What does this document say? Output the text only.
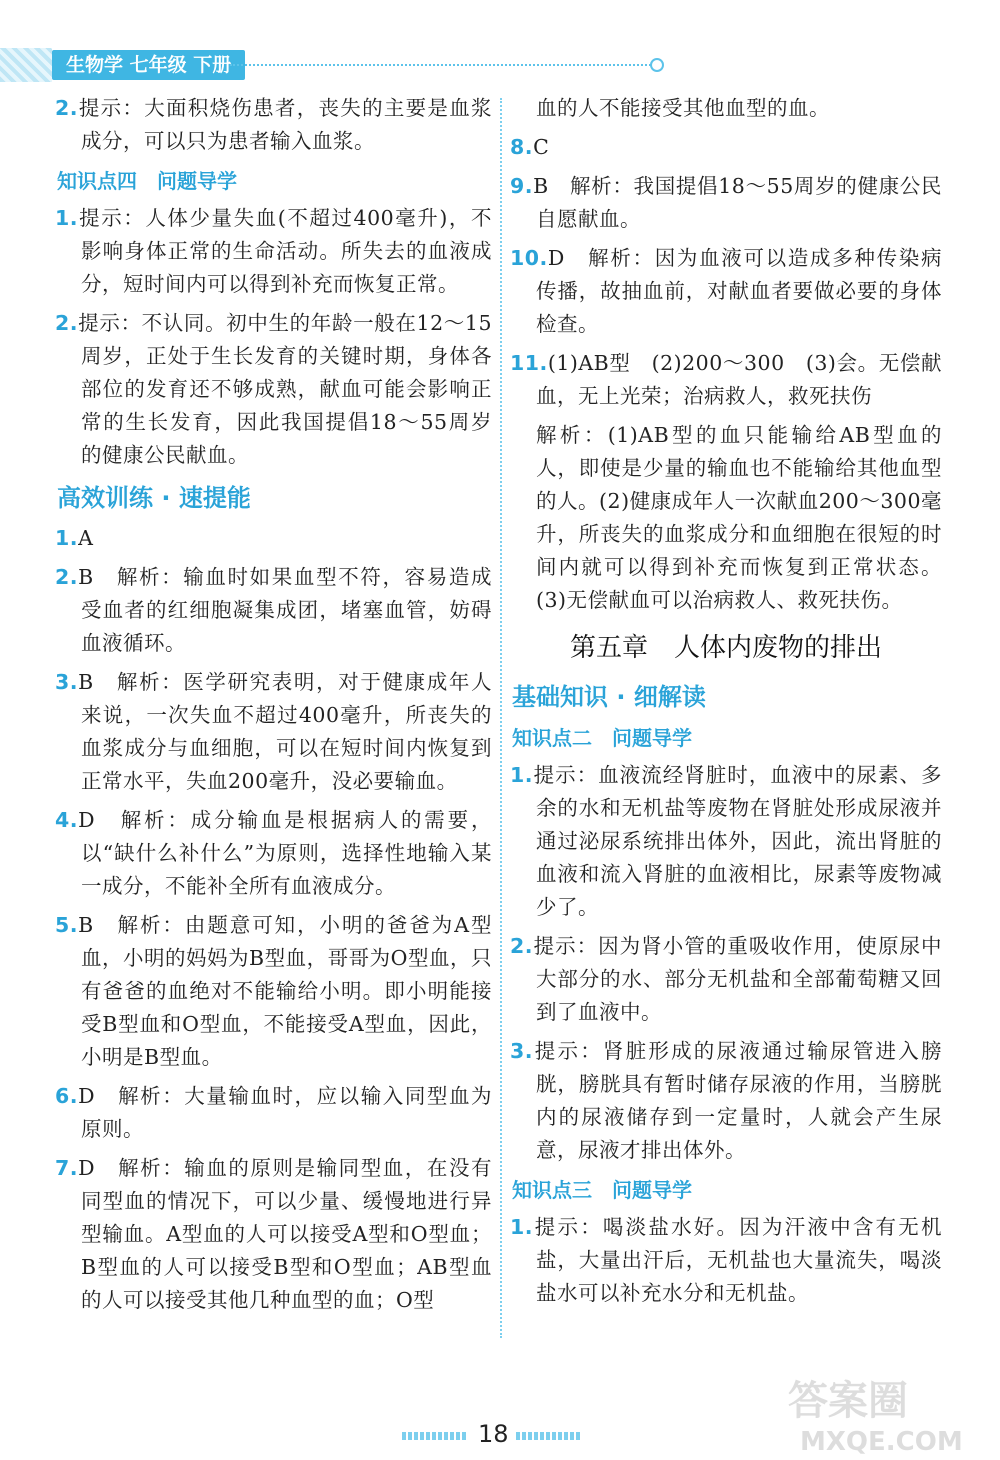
生物学 七年级 下册

2.提示：大面积烧伤患者，丧失的主要是血浆成分，可以只为患者输入血浆。

知识点四　问题导学

1.提示：人体少量失血(不超过400毫升)，不影响身体正常的生命活动。所失去的血液成分，短时间内可以得到补充而恢复正常。

2.提示：不认同。初中生的年龄一般在12～15周岁，正处于生长发育的关键时期，身体各部位的发育还不够成熟，献血可能会影响正常的生长发育，因此我国提倡18～55周岁的健康公民献血。

高效训练 · 速提能

1.A

2.B　解析：输血时如果血型不符，容易造成受血者的红细胞凝集成团，堵塞血管，妨碍血液循环。

3.B　解析：医学研究表明，对于健康成年人来说，一次失血不超过400毫升，所丧失的血浆成分与血细胞，可以在短时间内恢复到正常水平，失血200毫升，没必要输血。

4.D　解析：成分输血是根据病人的需要，以“缺什么补什么”为原则，选择性地输入某一成分，不能补全所有血液成分。

5.B　解析：由题意可知，小明的爸爸为A型血，小明的妈妈为B型血，哥哥为O型血，只有爸爸的血绝对不能输给小明。即小明能接受B型血和O型血，不能接受A型血，因此，小明是B型血。

6.D　解析：大量输血时，应以输入同型血为原则。

7.D　解析：输血的原则是输同型血，在没有同型血的情况下，可以少量、缓慢地进行异型输血。A型血的人可以接受A型和O型血；B型血的人可以接受B型和O型血；AB型血的人可以接受其他几种血型的血；O型

血的人不能接受其他血型的血。

8.C

9.B　解析：我国提倡18～55周岁的健康公民自愿献血。

10.D　解析：因为血液可以造成多种传染病传播，故抽血前，对献血者要做必要的身体检查。

11.(1)AB型　(2)200～300　(3)会。无偿献血，无上光荣；治病救人，救死扶伤

解析：(1)AB型的血只能输给AB型血的人，即使是少量的输血也不能输给其他血型的人。(2)健康成年人一次献血200～300毫升，所丧失的血浆成分和血细胞在很短的时间内就可以得到补充而恢复到正常状态。(3)无偿献血可以治病救人、救死扶伤。

第五章　人体内废物的排出
基础知识 · 细解读
知识点二　问题导学

1.提示：血液流经肾脏时，血液中的尿素、多余的水和无机盐等废物在肾脏处形成尿液并通过泌尿系统排出体外，因此，流出肾脏的血液和流入肾脏的血液相比，尿素等废物减少了。

2.提示：因为肾小管的重吸收作用，使原尿中大部分的水、部分无机盐和全部葡萄糖又回到了血液中。

3.提示：肾脏形成的尿液通过输尿管进入膀胱，膀胱具有暂时储存尿液的作用，当膀胱内的尿液储存到一定量时，人就会产生尿意，尿液才排出体外。

知识点三　问题导学

1.提示：喝淡盐水好。因为汗液中含有无机盐，大量出汗后，无机盐也大量流失，喝淡盐水可以补充水分和无机盐。

18
答案圈
MXQE.COM
